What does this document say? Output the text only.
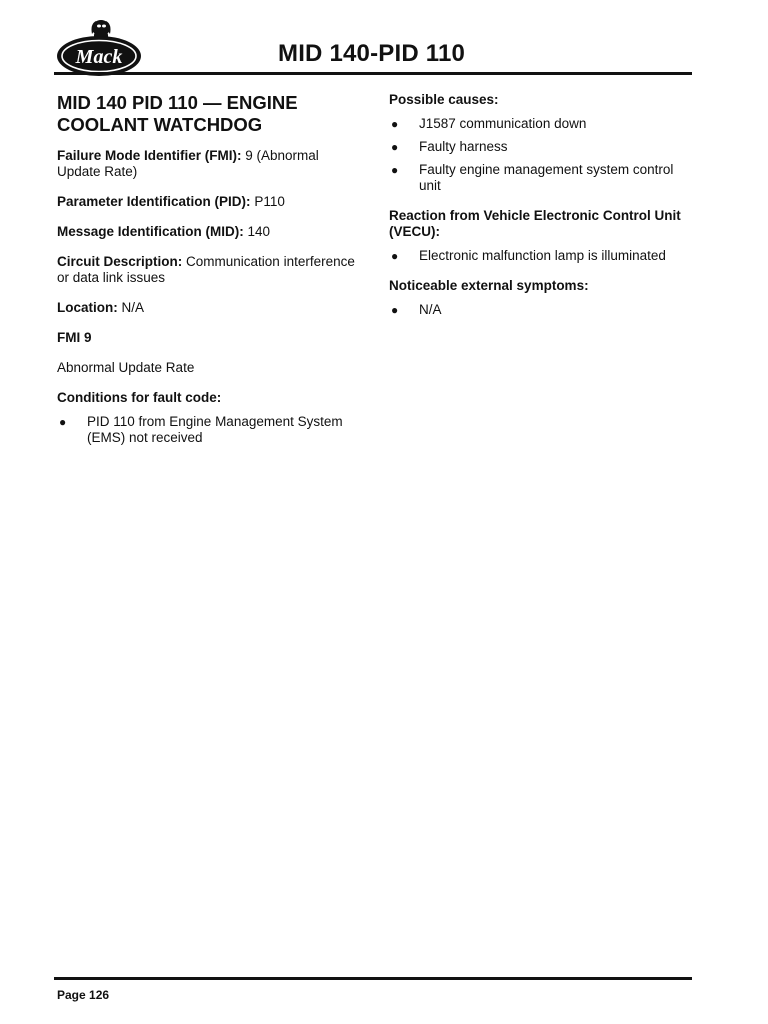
Mack	MID 140-PID 110
MID 140 PID 110 — ENGINE
COOLANT WATCHDOG

Failure Mode Identifier (FMI): 9 (Abnormal Update Rate)

Parameter Identification (PID): P110

Message Identification (MID): 140

Circuit Description: Communication interference or data link issues

Location: N/A

FMI 9

Abnormal Update Rate

Conditions for fault code:
● PID 110 from Engine Management System (EMS) not received
Possible causes:
● J1587 communication down
● Faulty harness
● Faulty engine management system control unit
Reaction from Vehicle Electronic Control Unit (VECU):
● Electronic malfunction lamp is illuminated
Noticeable external symptoms:
● N/A
Page 126
